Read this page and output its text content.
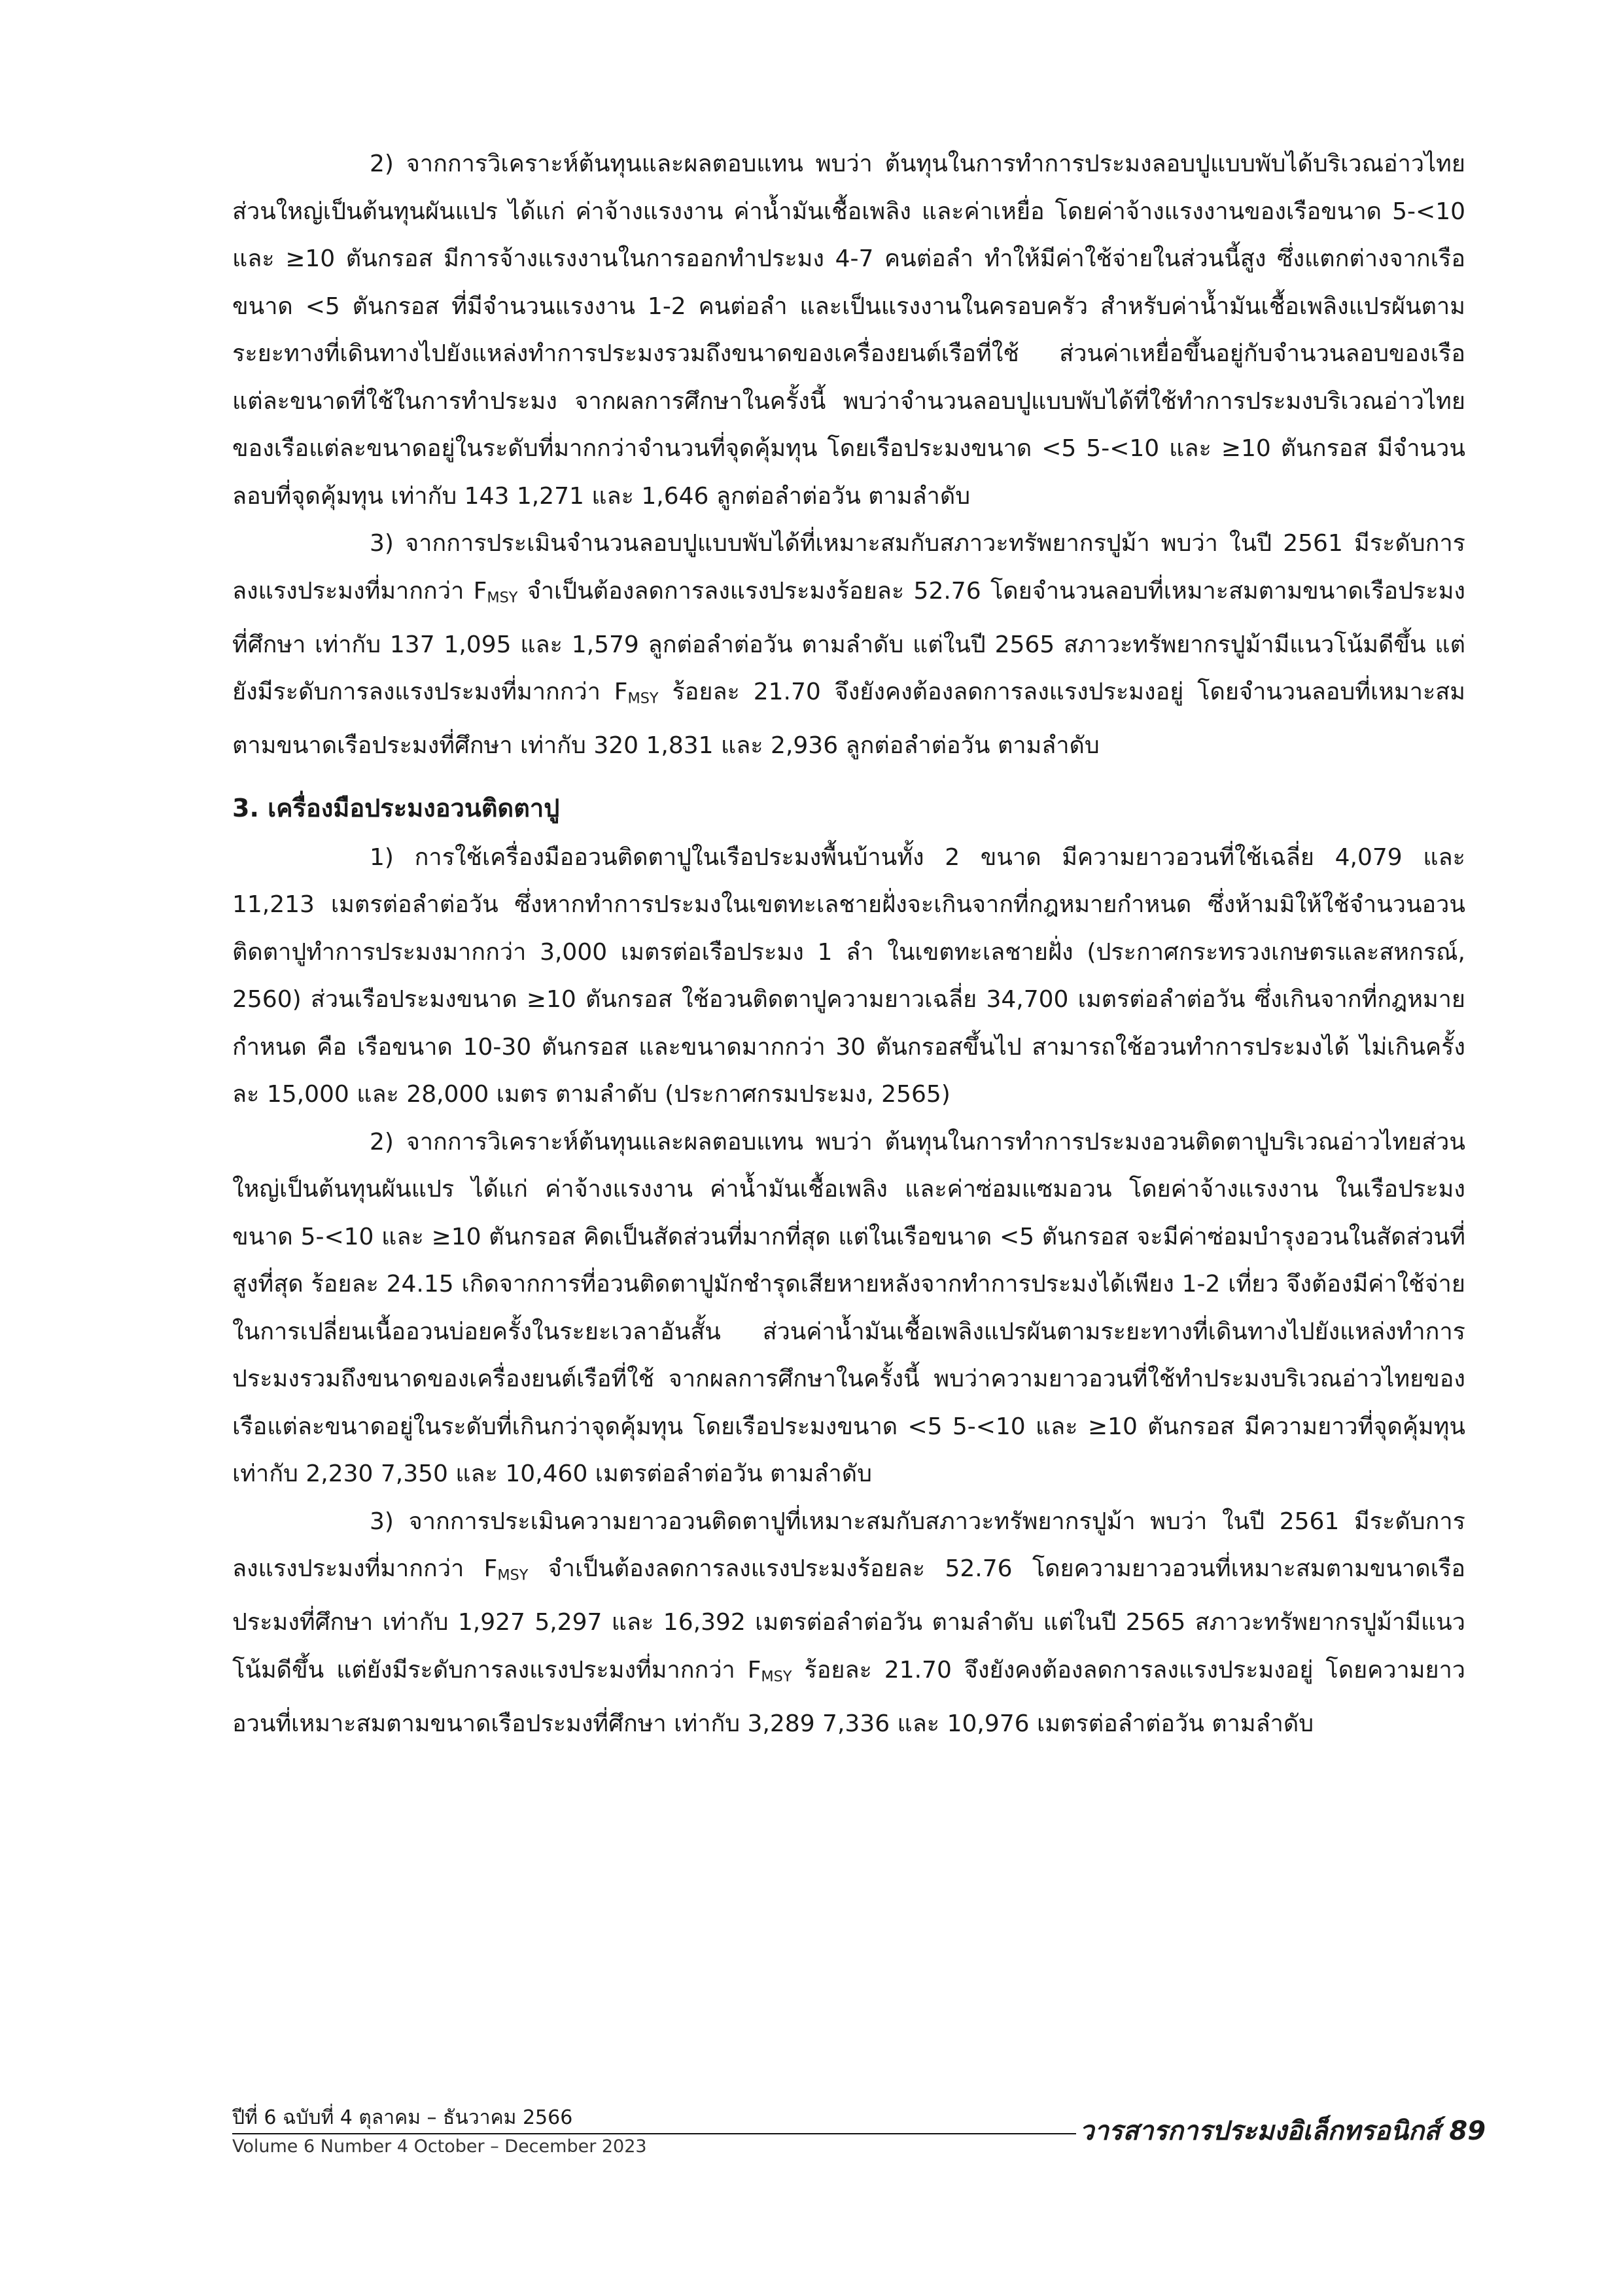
2) จากการวิเคราะห์ต้นทุนและผลตอบแทน พบว่า ต้นทุนในการทำการประมงลอบปูแบบพับได้บริเวณอ่าวไทยส่วนใหญ่เป็นต้นทุนผันแปร ได้แก่ ค่าจ้างแรงงาน ค่าน้ำมันเชื้อเพลิง และค่าเหยื่อ โดยค่าจ้างแรงงานของเรือขนาด 5-<10 และ ≥10 ตันกรอส มีการจ้างแรงงานในการออกทำประมง 4-7 คนต่อลำ ทำให้มีค่าใช้จ่ายในส่วนนี้สูง ซึ่งแตกต่างจากเรือขนาด <5 ตันกรอส ที่มีจำนวนแรงงาน 1-2 คนต่อลำ และเป็นแรงงานในครอบครัว สำหรับค่าน้ำมันเชื้อเพลิงแปรผันตามระยะทางที่เดินทางไปยังแหล่งทำการประมงรวมถึงขนาดของเครื่องยนต์เรือที่ใช้ ส่วนค่าเหยื่อขึ้นอยู่กับจำนวนลอบของเรือแต่ละขนาดที่ใช้ในการทำประมง จากผลการศึกษาในครั้งนี้ พบว่าจำนวนลอบปูแบบพับได้ที่ใช้ทำการประมงบริเวณอ่าวไทยของเรือแต่ละขนาดอยู่ในระดับที่มากกว่าจำนวนที่จุดคุ้มทุน โดยเรือประมงขนาด <5 5-<10 และ ≥10 ตันกรอส มีจำนวนลอบที่จุดคุ้มทุน เท่ากับ 143 1,271 และ 1,646 ลูกต่อลำต่อวัน ตามลำดับ

3) จากการประเมินจำนวนลอบปูแบบพับได้ที่เหมาะสมกับสภาวะทรัพยากรปูม้า พบว่า ในปี 2561 มีระดับการลงแรงประมงที่มากกว่า $F_{MSY}$ จำเป็นต้องลดการลงแรงประมงร้อยละ 52.76 โดยจำนวนลอบที่เหมาะสมตามขนาดเรือประมงที่ศึกษา เท่ากับ 137 1,095 และ 1,579 ลูกต่อลำต่อวัน ตามลำดับ แต่ในปี 2565 สภาวะทรัพยากรปูม้ามีแนวโน้มดีขึ้น แต่ยังมีระดับการลงแรงประมงที่มากกว่า $F_{MSY}$ ร้อยละ 21.70 จึงยังคงต้องลดการลงแรงประมงอยู่ โดยจำนวนลอบที่เหมาะสมตามขนาดเรือประมงที่ศึกษา เท่ากับ 320 1,831 และ 2,936 ลูกต่อลำต่อวัน ตามลำดับ

3. เครื่องมือประมงอวนติดตาปู

1) การใช้เครื่องมืออวนติดตาปูในเรือประมงพื้นบ้านทั้ง 2 ขนาด มีความยาวอวนที่ใช้เฉลี่ย 4,079 และ 11,213 เมตรต่อลำต่อวัน ซึ่งหากทำการประมงในเขตทะเลชายฝั่งจะเกินจากที่กฎหมายกำหนด ซึ่งห้ามมิให้ใช้จำนวนอวนติดตาปูทำการประมงมากกว่า 3,000 เมตรต่อเรือประมง 1 ลำ ในเขตทะเลชายฝั่ง (ประกาศกระทรวงเกษตรและสหกรณ์, 2560) ส่วนเรือประมงขนาด ≥10 ตันกรอส ใช้อวนติดตาปูความยาวเฉลี่ย 34,700 เมตรต่อลำต่อวัน ซึ่งเกินจากที่กฎหมายกำหนด คือ เรือขนาด 10-30 ตันกรอส และขนาดมากกว่า 30 ตันกรอสขึ้นไป สามารถใช้อวนทำการประมงได้ ไม่เกินครั้งละ 15,000 และ 28,000 เมตร ตามลำดับ (ประกาศกรมประมง, 2565)

2) จากการวิเคราะห์ต้นทุนและผลตอบแทน พบว่า ต้นทุนในการทำการประมงอวนติดตาปูบริเวณอ่าวไทยส่วนใหญ่เป็นต้นทุนผันแปร ได้แก่ ค่าจ้างแรงงาน ค่าน้ำมันเชื้อเพลิง และค่าซ่อมแซมอวน โดยค่าจ้างแรงงาน ในเรือประมงขนาด 5-<10 และ ≥10 ตันกรอส คิดเป็นสัดส่วนที่มากที่สุด แต่ในเรือขนาด <5 ตันกรอส จะมีค่าซ่อมบำรุงอวนในสัดส่วนที่สูงที่สุด ร้อยละ 24.15 เกิดจากการที่อวนติดตาปูมักชำรุดเสียหายหลังจากทำการประมงได้เพียง 1-2 เที่ยว จึงต้องมีค่าใช้จ่ายในการเปลี่ยนเนื้ออวนบ่อยครั้งในระยะเวลาอันสั้น ส่วนค่าน้ำมันเชื้อเพลิงแปรผันตามระยะทางที่เดินทางไปยังแหล่งทำการประมงรวมถึงขนาดของเครื่องยนต์เรือที่ใช้ จากผลการศึกษาในครั้งนี้ พบว่าความยาวอวนที่ใช้ทำประมงบริเวณอ่าวไทยของเรือแต่ละขนาดอยู่ในระดับที่เกินกว่าจุดคุ้มทุน โดยเรือประมงขนาด <5 5-<10 และ ≥10 ตันกรอส มีความยาวที่จุดคุ้มทุน เท่ากับ 2,230 7,350 และ 10,460 เมตรต่อลำต่อวัน ตามลำดับ

3) จากการประเมินความยาวอวนติดตาปูที่เหมาะสมกับสภาวะทรัพยากรปูม้า พบว่า ในปี 2561 มีระดับการลงแรงประมงที่มากกว่า $F_{MSY}$ จำเป็นต้องลดการลงแรงประมงร้อยละ 52.76 โดยความยาวอวนที่เหมาะสมตามขนาดเรือประมงที่ศึกษา เท่ากับ 1,927 5,297 และ 16,392 เมตรต่อลำต่อวัน ตามลำดับ แต่ในปี 2565 สภาวะทรัพยากรปูม้ามีแนวโน้มดีขึ้น แต่ยังมีระดับการลงแรงประมงที่มากกว่า $F_{MSY}$ ร้อยละ 21.70 จึงยังคงต้องลดการลงแรงประมงอยู่ โดยความยาวอวนที่เหมาะสมตามขนาดเรือประมงที่ศึกษา เท่ากับ 3,289 7,336 และ 10,976 เมตรต่อลำต่อวัน ตามลำดับ

ปีที่ 6 ฉบับที่ 4 ตุลาคม – ธันวาคม 2566
Volume 6 Number 4 October – December 2023
วารสารการประมงอิเล็กทรอนิกส์ 89
